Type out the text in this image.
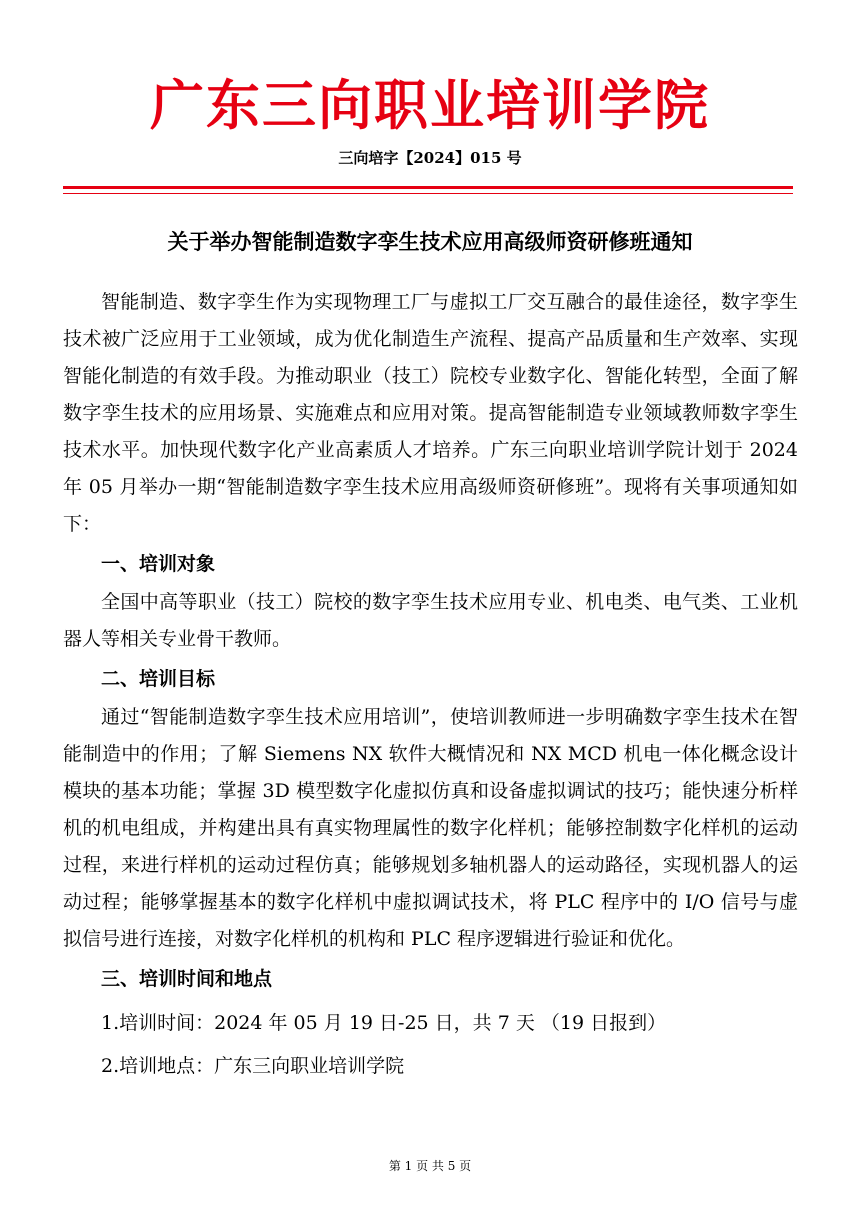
广东三向职业培训学院
三向培字【2024】015 号
关于举办智能制造数字孪生技术应用高级师资研修班通知

智能制造、数字孪生作为实现物理工厂与虚拟工厂交互融合的最佳途径，数字孪生技术被广泛应用于工业领域，成为优化制造生产流程、提高产品质量和生产效率、实现智能化制造的有效手段。为推动职业（技工）院校专业数字化、智能化转型，全面了解数字孪生技术的应用场景、实施难点和应用对策。提高智能制造专业领域教师数字孪生技术水平。加快现代数字化产业高素质人才培养。广东三向职业培训学院计划于 2024 年 05 月举办一期“智能制造数字孪生技术应用高级师资研修班”。现将有关事项通知如下：

一、培训对象

全国中高等职业（技工）院校的数字孪生技术应用专业、机电类、电气类、工业机器人等相关专业骨干教师。

二、培训目标

通过“智能制造数字孪生技术应用培训”，使培训教师进一步明确数字孪生技术在智能制造中的作用；了解 Siemens NX 软件大概情况和 NX MCD 机电一体化概念设计模块的基本功能；掌握 3D 模型数字化虚拟仿真和设备虚拟调试的技巧；能快速分析样机的机电组成，并构建出具有真实物理属性的数字化样机；能够控制数字化样机的运动过程，来进行样机的运动过程仿真；能够规划多轴机器人的运动路径，实现机器人的运动过程；能够掌握基本的数字化样机中虚拟调试技术，将 PLC 程序中的 I/O 信号与虚拟信号进行连接，对数字化样机的机构和 PLC 程序逻辑进行验证和优化。

三、培训时间和地点

1.培训时间：2024 年 05 月 19 日-25 日，共 7 天 （19 日报到）

2.培训地点：广东三向职业培训学院

第 1 页 共 5 页
